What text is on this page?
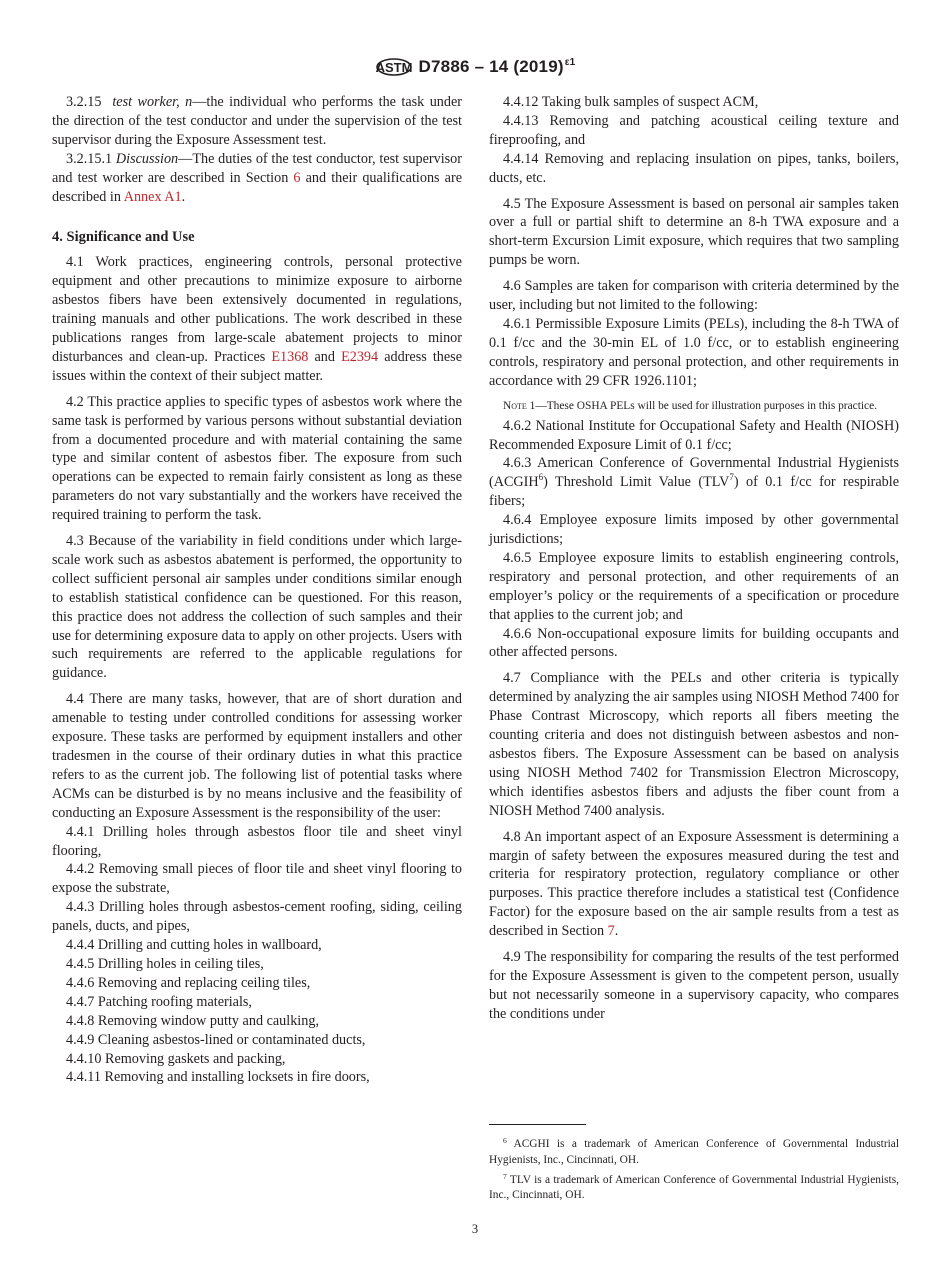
ASTM D7886 – 14 $(2019)^{\varepsilon 1}$

3.2.15 test worker, n—the individual who performs the task under the direction of the test conductor and under the supervision of the test supervisor during the Exposure Assessment test.

3.2.15.1 Discussion—The duties of the test conductor, test supervisor and test worker are described in Section 6 and their qualifications are described in Annex A1.

4. Significance and Use

4.1 Work practices, engineering controls, personal protective equipment and other precautions to minimize exposure to airborne asbestos fibers have been extensively documented in regulations, training manuals and other publications. The work described in these publications ranges from large-scale abatement projects to minor disturbances and clean-up. Practices E1368 and E2394 address these issues within the context of their subject matter.

4.2 This practice applies to specific types of asbestos work where the same task is performed by various persons without substantial deviation from a documented procedure and with material containing the same type and similar content of asbestos fiber. The exposure from such operations can be expected to remain fairly consistent as long as these parameters do not vary substantially and the workers have received the required training to perform the task.

4.3 Because of the variability in field conditions under which large-scale work such as asbestos abatement is performed, the opportunity to collect sufficient personal air samples under conditions similar enough to establish statistical confidence can be questioned. For this reason, this practice does not address the collection of such samples and their use for determining exposure data to apply on other projects. Users with such requirements are referred to the applicable regulations for guidance.

4.4 There are many tasks, however, that are of short duration and amenable to testing under controlled conditions for assessing worker exposure. These tasks are performed by equipment installers and other tradesmen in the course of their ordinary duties in what this practice refers to as the current job. The following list of potential tasks where ACMs can be disturbed is by no means inclusive and the feasibility of conducting an Exposure Assessment is the responsibility of the user:

4.4.1 Drilling holes through asbestos floor tile and sheet vinyl flooring,

4.4.2 Removing small pieces of floor tile and sheet vinyl flooring to expose the substrate,

4.4.3 Drilling holes through asbestos-cement roofing, siding, ceiling panels, ducts, and pipes,

4.4.4 Drilling and cutting holes in wallboard,

4.4.5 Drilling holes in ceiling tiles,

4.4.6 Removing and replacing ceiling tiles,

4.4.7 Patching roofing materials,

4.4.8 Removing window putty and caulking,

4.4.9 Cleaning asbestos-lined or contaminated ducts,

4.4.10 Removing gaskets and packing,

4.4.11 Removing and installing locksets in fire doors,

4.4.12 Taking bulk samples of suspect ACM,

4.4.13 Removing and patching acoustical ceiling texture and fireproofing, and

4.4.14 Removing and replacing insulation on pipes, tanks, boilers, ducts, etc.

4.5 The Exposure Assessment is based on personal air samples taken over a full or partial shift to determine an 8-h TWA exposure and a short-term Excursion Limit exposure, which requires that two sampling pumps be worn.

4.6 Samples are taken for comparison with criteria determined by the user, including but not limited to the following:

4.6.1 Permissible Exposure Limits (PELs), including the 8-h TWA of 0.1 f/cc and the 30-min EL of 1.0 f/cc, or to establish engineering controls, respiratory and personal protection, and other requirements in accordance with 29 CFR 1926.1101;

Note 1—These OSHA PELs will be used for illustration purposes in this practice.

4.6.2 National Institute for Occupational Safety and Health (NIOSH) Recommended Exposure Limit of 0.1 f/cc;

4.6.3 American Conference of Governmental Industrial Hygienists (ACGIH$^6$) Threshold Limit Value (TLV$^7$) of 0.1 f/cc for respirable fibers;

4.6.4 Employee exposure limits imposed by other governmental jurisdictions;

4.6.5 Employee exposure limits to establish engineering controls, respiratory and personal protection, and other requirements of an employer’s policy or the requirements of a specification or procedure that applies to the current job; and

4.6.6 Non-occupational exposure limits for building occupants and other affected persons.

4.7 Compliance with the PELs and other criteria is typically determined by analyzing the air samples using NIOSH Method 7400 for Phase Contrast Microscopy, which reports all fibers meeting the counting criteria and does not distinguish between asbestos and non-asbestos fibers. The Exposure Assessment can be based on analysis using NIOSH Method 7402 for Transmission Electron Microscopy, which identifies asbestos fibers and adjusts the fiber count from a NIOSH Method 7400 analysis.

4.8 An important aspect of an Exposure Assessment is determining a margin of safety between the exposures measured during the test and criteria for respiratory protection, regulatory compliance or other purposes. This practice therefore includes a statistical test (Confidence Factor) for the exposure based on the air sample results from a test as described in Section 7.

4.9 The responsibility for comparing the results of the test performed for the Exposure Assessment is given to the competent person, usually but not necessarily someone in a supervisory capacity, who compares the conditions under

$^6$ ACGHI is a trademark of American Conference of Governmental Industrial Hygienists, Inc., Cincinnati, OH.

$^7$ TLV is a trademark of American Conference of Governmental Industrial Hygienists, Inc., Cincinnati, OH.

3
